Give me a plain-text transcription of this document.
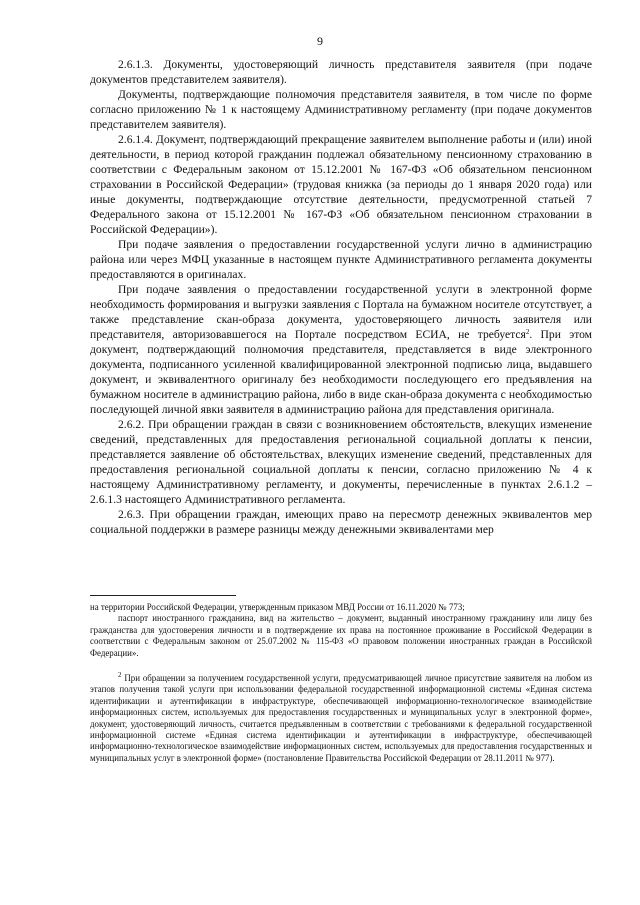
9

2.6.1.3. Документы, удостоверяющий личность представителя заявителя (при подаче документов представителем заявителя).

Документы, подтверждающие полномочия представителя заявителя, в том числе по форме согласно приложению № 1 к настоящему Административному регламенту (при подаче документов представителем заявителя).

2.6.1.4. Документ, подтверждающий прекращение заявителем выполнение работы и (или) иной деятельности, в период которой гражданин подлежал обязательному пенсионному страхованию в соответствии с Федеральным законом от 15.12.2001 № 167-ФЗ «Об обязательном пенсионном страховании в Российской Федерации» (трудовая книжка (за периоды до 1 января 2020 года) или иные документы, подтверждающие отсутствие деятельности, предусмотренной статьей 7 Федерального закона от 15.12.2001 № 167-ФЗ «Об обязательном пенсионном страховании в Российской Федерации»).

При подаче заявления о предоставлении государственной услуги лично в администрацию района или через МФЦ указанные в настоящем пункте Административного регламента документы предоставляются в оригиналах.

При подаче заявления о предоставлении государственной услуги в электронной форме необходимость формирования и выгрузки заявления с Портала на бумажном носителе отсутствует, а также представление скан-образа документа, удостоверяющего личность заявителя или представителя, авторизовавшегося на Портале посредством ЕСИА, не требуется$^2$. При этом документ, подтверждающий полномочия представителя, представляется в виде электронного документа, подписанного усиленной квалифицированной электронной подписью лица, выдавшего документ, и эквивалентного оригиналу без необходимости последующего его предъявления на бумажном носителе в администрацию района, либо в виде скан-образа документа с необходимостью последующей личной явки заявителя в администрацию района для представления оригинала.

2.6.2. При обращении граждан в связи с возникновением обстоятельств, влекущих изменение сведений, представленных для предоставления региональной социальной доплаты к пенсии, представляется заявление об обстоятельствах, влекущих изменение сведений, представленных для предоставления региональной социальной доплаты к пенсии, согласно приложению № 4 к настоящему Административному регламенту, и документы, перечисленные в пунктах 2.6.1.2 – 2.6.1.3 настоящего Административного регламента.

2.6.3. При обращении граждан, имеющих право на пересмотр денежных эквивалентов мер социальной поддержки в размере разницы между денежными эквивалентами мер

на территории Российской Федерации, утвержденным приказом МВД России от 16.11.2020 № 773;

паспорт иностранного гражданина, вид на жительство – документ, выданный иностранному гражданину или лицу без гражданства для удостоверения личности и в подтверждение их права на постоянное проживание в Российской Федерации в соответствии с Федеральным законом от 25.07.2002 № 115-ФЗ «О правовом положении иностранных граждан в Российской Федерации».

$^2$ При обращении за получением государственной услуги, предусматривающей личное присутствие заявителя на любом из этапов получения такой услуги при использовании федеральной государственной информационной системы «Единая система идентификации и аутентификации в инфраструктуре, обеспечивающей информационно-технологическое взаимодействие информационных систем, используемых для предоставления государственных и муниципальных услуг в электронной форме», документ, удостоверяющий личность, считается предъявленным в соответствии с требованиями к федеральной государственной информационной системе «Единая система идентификации и аутентификации в инфраструктуре, обеспечивающей информационно-технологическое взаимодействие информационных систем, используемых для предоставления государственных и муниципальных услуг в электронной форме» (постановление Правительства Российской Федерации от 28.11.2011 № 977).
